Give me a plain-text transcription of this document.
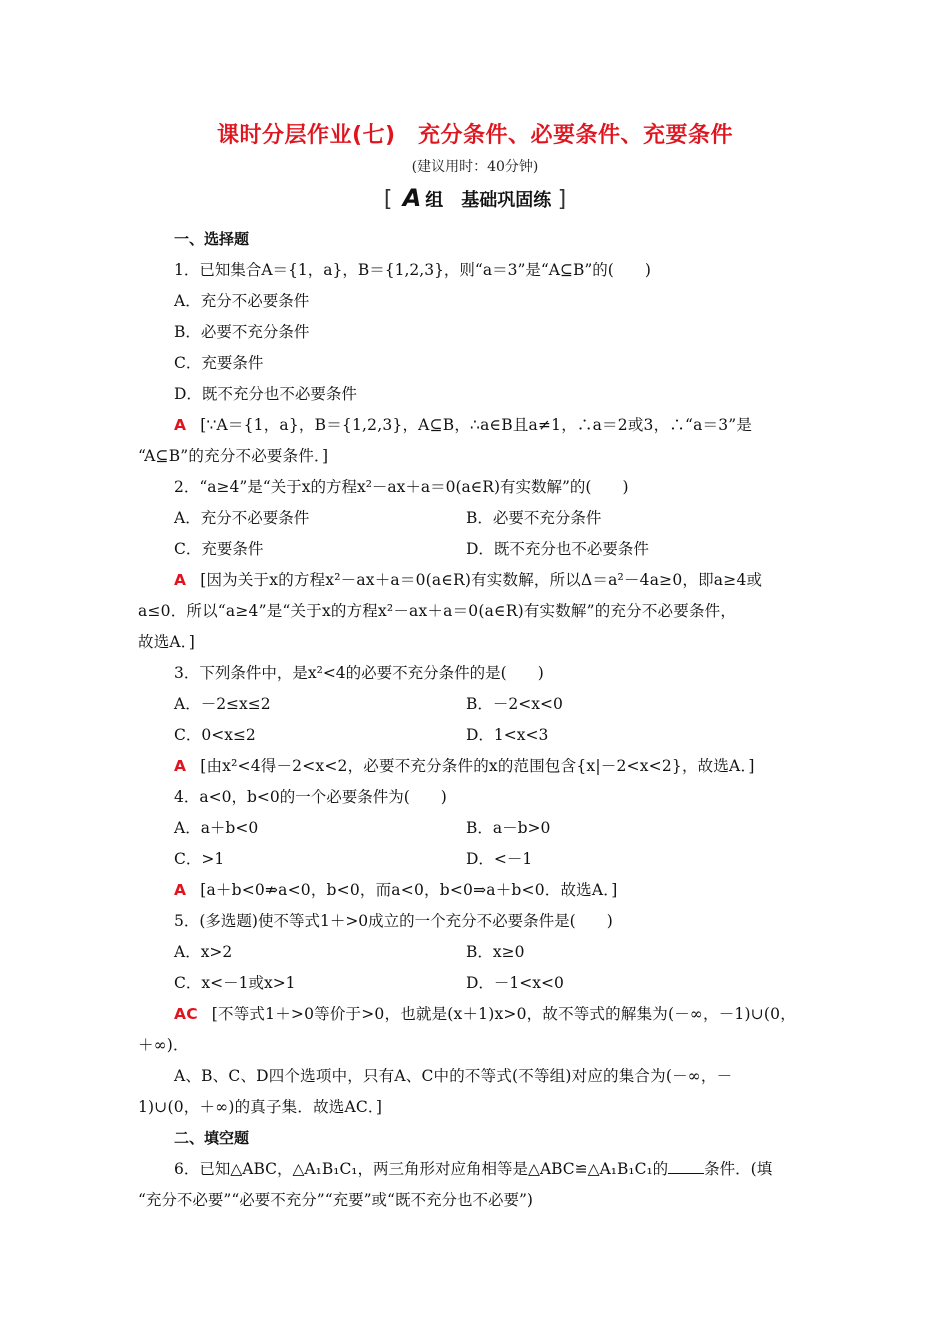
课时分层作业(七)　充分条件、必要条件、充要条件
(建议用时：40分钟)
[ A 组　基础巩固练 ]
一、选择题
1．已知集合A＝{1，a}，B＝{1,2,3}，则“a＝3”是“A⊆B”的(　　)
A．充分不必要条件
B．必要不充分条件
C．充要条件
D．既不充分也不必要条件
A [∵A＝{1，a}，B＝{1,2,3}，A⊆B，∴a∈B且a≠1，∴a＝2或3，∴“a＝3”是
“A⊆B”的充分不必要条件．]
2．“a≥4”是“关于x的方程x²－ax＋a＝0(a∈R)有实数解”的(　　)
A．充分不必要条件	B．必要不充分条件
C．充要条件	D．既不充分也不必要条件
A [因为关于x的方程x²－ax＋a＝0(a∈R)有实数解，所以Δ＝a²－4a≥0，即a≥4或
a≤0．所以“a≥4”是“关于x的方程x²－ax＋a＝0(a∈R)有实数解”的充分不必要条件，
故选A．]
3．下列条件中，是x²<4的必要不充分条件的是(　　)
A．－2≤x≤2	B．－2<x<0
C．0<x≤2	D．1<x<3
A [由x²<4得－2<x<2，必要不充分条件的x的范围包含{x|－2<x<2}，故选A．]
4．a<0，b<0的一个必要条件为(　　)
A．a＋b<0	B．a－b>0
C．>1	D．<－1
A [a＋b<0⇏a<0，b<0，而a<0，b<0⇒a＋b<0．故选A．]
5．(多选题)使不等式1＋>0成立的一个充分不必要条件是(　　)
A．x>2	B．x≥0
C．x<－1或x>1	D．－1<x<0
AC [不等式1＋>0等价于>0，也就是(x＋1)x>0，故不等式的解集为(－∞，－1)∪(0，
＋∞)．
A、B、C、D四个选项中，只有A、C中的不等式(不等组)对应的集合为(－∞，－
1)∪(0，＋∞)的真子集．故选AC．]
二、填空题
6．已知△ABC，△A₁B₁C₁，两三角形对应角相等是△ABC≌△A₁B₁C₁的 条件．(填
“充分不必要”“必要不充分”“充要”或“既不充分也不必要”)
